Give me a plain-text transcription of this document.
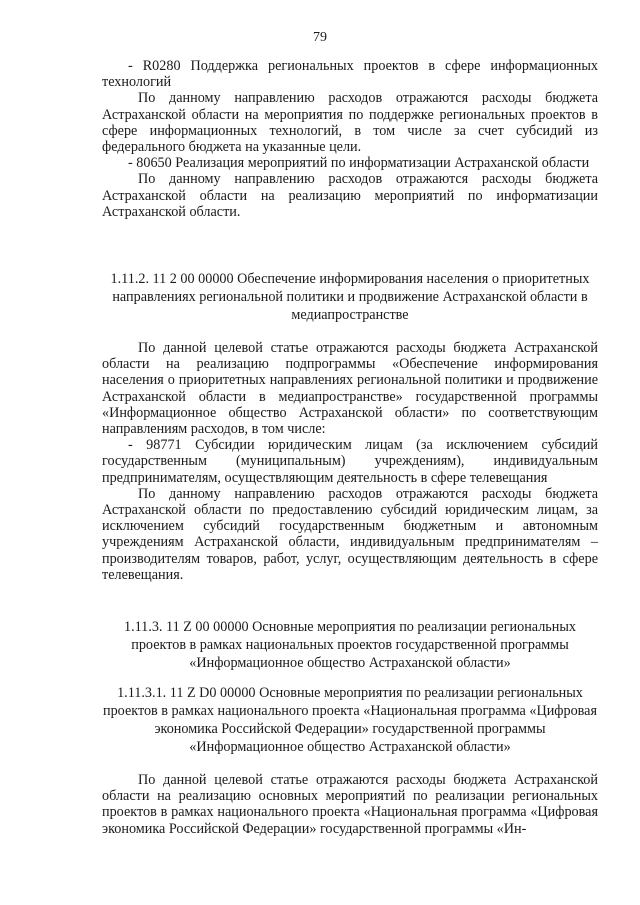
79

- R0280 Поддержка региональных проектов в сфере информационных технологий

По данному направлению расходов отражаются расходы бюджета Астраханской области на мероприятия по поддержке региональных проектов в сфере информационных технологий, в том числе за счет субсидий из федерального бюджета на указанные цели.

- 80650 Реализация мероприятий по информатизации Астраханской области

По данному направлению расходов отражаются расходы бюджета Астраханской области на реализацию мероприятий по информатизации Астраханской области.

1.11.2. 11 2 00 00000 Обеспечение информирования населения о приоритетных направлениях региональной политики и продвижение Астраханской области в медиапространстве

По данной целевой статье отражаются расходы бюджета Астраханской области на реализацию подпрограммы «Обеспечение информирования населения о приоритетных направлениях региональной политики и продвижение Астраханской области в медиапространстве» государственной программы «Информационное общество Астраханской области» по соответствующим направлениям расходов, в том числе:

- 98771 Субсидии юридическим лицам (за исключением субсидий государственным (муниципальным) учреждениям), индивидуальным предпринимателям, осуществляющим деятельность в сфере телевещания

По данному направлению расходов отражаются расходы бюджета Астраханской области по предоставлению субсидий юридическим лицам, за исключением субсидий государственным бюджетным и автономным учреждениям Астраханской области, индивидуальным предпринимателям – производителям товаров, работ, услуг, осуществляющим деятельность в сфере телевещания.

1.11.3. 11 Z 00 00000 Основные мероприятия по реализации региональных проектов в рамках национальных проектов государственной программы «Информационное общество Астраханской области»
1.11.3.1. 11 Z D0 00000 Основные мероприятия по реализации региональных проектов в рамках национального проекта «Национальная программа «Цифровая экономика Российской Федерации» государственной программы «Информационное общество Астраханской области»

По данной целевой статье отражаются расходы бюджета Астраханской области на реализацию основных мероприятий по реализации региональных проектов в рамках национального проекта «Национальная программа «Цифровая экономика Российской Федерации» государственной программы «Ин-
